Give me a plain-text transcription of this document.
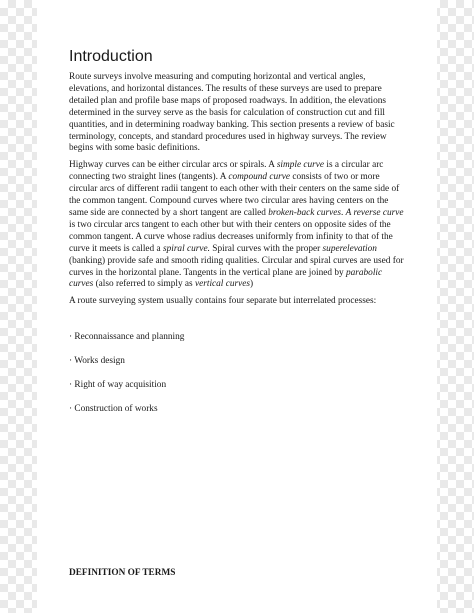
Introduction

Route surveys involve measuring and computing horizontal and vertical angles, elevations, and horizontal distances. The results of these surveys are used to prepare detailed plan and profile base maps of proposed roadways. In addition, the elevations determined in the survey serve as the basis for calculation of construction cut and fill quantities, and in determining roadway banking. This section presents a review of basic terminology, concepts, and standard procedures used in highway surveys. The review begins with some basic definitions.

Highway curves can be either circular arcs or spirals. A simple curve is a circular arc connecting two straight lines (tangents). A compound curve consists of two or more circular arcs of different radii tangent to each other with their centers on the same side of the common tangent. Compound curves where two circular ares having centers on the same side are connected by a short tangent are called broken-back curves. A reverse curve is two circular arcs tangent to each other but with their centers on opposite sides of the common tangent. A curve whose radius decreases uniformly from infinity to that of the curve it meets is called a spiral curve. Spiral curves with the proper superelevation (banking) provide safe and smooth riding qualities. Circular and spiral curves are used for curves in the horizontal plane. Tangents in the vertical plane are joined by parabolic curves (also referred to simply as vertical curves)

A route surveying system usually contains four separate but interrelated processes:

· Reconnaissance and planning
· Works design
· Right of way acquisition
· Construction of works
DEFINITION OF TERMS
